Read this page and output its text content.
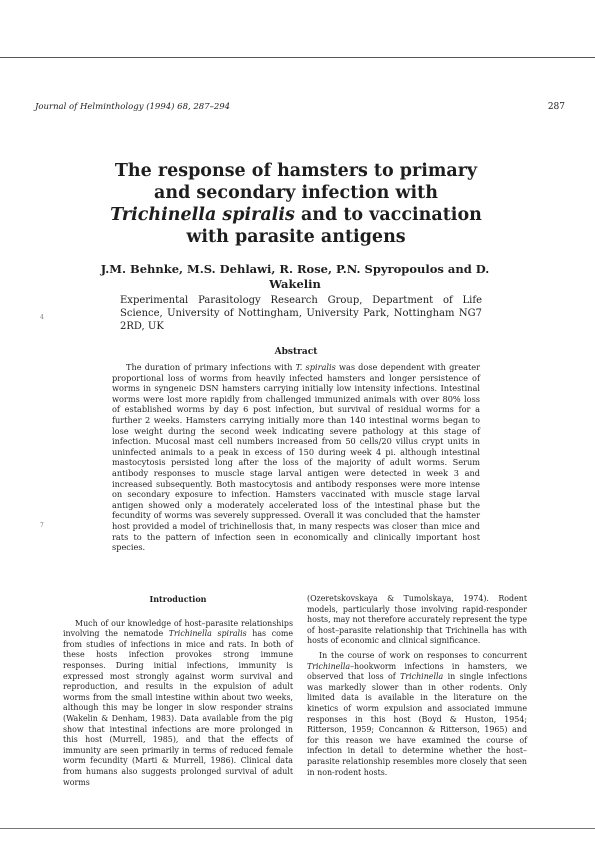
Journal of Helminthology (1994) 68, 287–294	287
The response of hamsters to primary and secondary infection with Trichinella spiralis and to vaccination with parasite antigens
J.M. Behnke, M.S. Dehlawi, R. Rose, P.N. Spyropoulos and D. Wakelin
Experimental Parasitology Research Group, Department of Life Science, University of Nottingham, University Park, Nottingham NG7 2RD, UK
4
7
Abstract
The duration of primary infections with T. spiralis was dose dependent with greater proportional loss of worms from heavily infected hamsters and longer persistence of worms in syngeneic DSN hamsters carrying initially low intensity infections. Intestinal worms were lost more rapidly from challenged immunized animals with over 80% loss of established worms by day 6 post infection, but survival of residual worms for a further 2 weeks. Hamsters carrying initially more than 140 intestinal worms began to lose weight during the second week indicating severe pathology at this stage of infection. Mucosal mast cell numbers increased from 50 cells/20 villus crypt units in uninfected animals to a peak in excess of 150 during week 4 pi. although intestinal mastocytosis persisted long after the loss of the majority of adult worms. Serum antibody responses to muscle stage larval antigen were detected in week 3 and increased subsequently. Both mastocytosis and antibody responses were more intense on secondary exposure to infection. Hamsters vaccinated with muscle stage larval antigen showed only a moderately accelerated loss of the intestinal phase but the fecundity of worms was severely suppressed. Overall it was concluded that the hamster host provided a model of trichinellosis that, in many respects was closer than mice and rats to the pattern of infection seen in economically and clinically important host species.
Introduction

Much of our knowledge of host–parasite relationships involving the nematode Trichinella spiralis has come from studies of infections in mice and rats. In both of these hosts infection provokes strong immune responses. During initial infections, immunity is expressed most strongly against worm survival and reproduction, and results in the expulsion of adult worms from the small intestine within about two weeks, although this may be longer in slow responder strains (Wakelin & Denham, 1983). Data available from the pig show that intestinal infections are more prolonged in this host (Murrell, 1985), and that the effects of immunity are seen primarily in terms of reduced female worm fecundity (Marti & Murrell, 1986). Clinical data from humans also suggests prolonged survival of adult worms

(Ozeretskovskaya & Tumolskaya, 1974). Rodent models, particularly those involving rapid-responder hosts, may not therefore accurately represent the type of host–parasite relationship that Trichinella has with hosts of economic and clinical significance.

In the course of work on responses to concurrent Trichinella–hookworm infections in hamsters, we observed that loss of Trichinella in single infections was markedly slower than in other rodents. Only limited data is available in the literature on the kinetics of worm expulsion and associated immune responses in this host (Boyd & Huston, 1954; Ritterson, 1959; Concannon & Ritterson, 1965) and for this reason we have examined the course of infection in detail to determine whether the host–parasite relationship resembles more closely that seen in non-rodent hosts.
